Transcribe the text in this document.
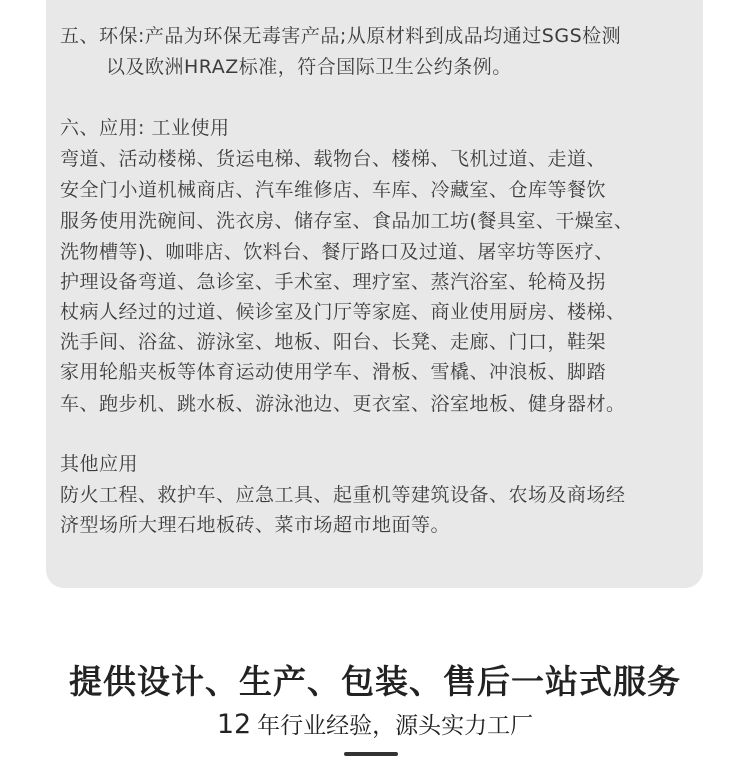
五、环保:产品为环保无毒害产品;从原材料到成品均通过SGS检测
以及欧洲HRAZ标准，符合国际卫生公约条例。
六、应用: 工业使用
弯道、活动楼梯、货运电梯、载物台、楼梯、飞机过道、走道、
安全门小道机械商店、汽车维修店、车库、冷藏室、仓库等餐饮
服务使用洗碗间、洗衣房、储存室、食品加工坊(餐具室、干燥室、
洗物槽等)、咖啡店、饮料台、餐厅路口及过道、屠宰坊等医疗、
护理设备弯道、急诊室、手术室、理疗室、蒸汽浴室、轮椅及拐
杖病人经过的过道、候诊室及门厅等家庭、商业使用厨房、楼梯、
洗手间、浴盆、游泳室、地板、阳台、长凳、走廊、门口，鞋架
家用轮船夹板等体育运动使用学车、滑板、雪橇、冲浪板、脚踏
车、跑步机、跳水板、游泳池边、更衣室、浴室地板、健身器材。
其他应用
防火工程、救护车、应急工具、起重机等建筑设备、农场及商场经
济型场所大理石地板砖、菜市场超市地面等。
提供设计、生产、包装、售后一站式服务
12 年行业经验，源头实力工厂
